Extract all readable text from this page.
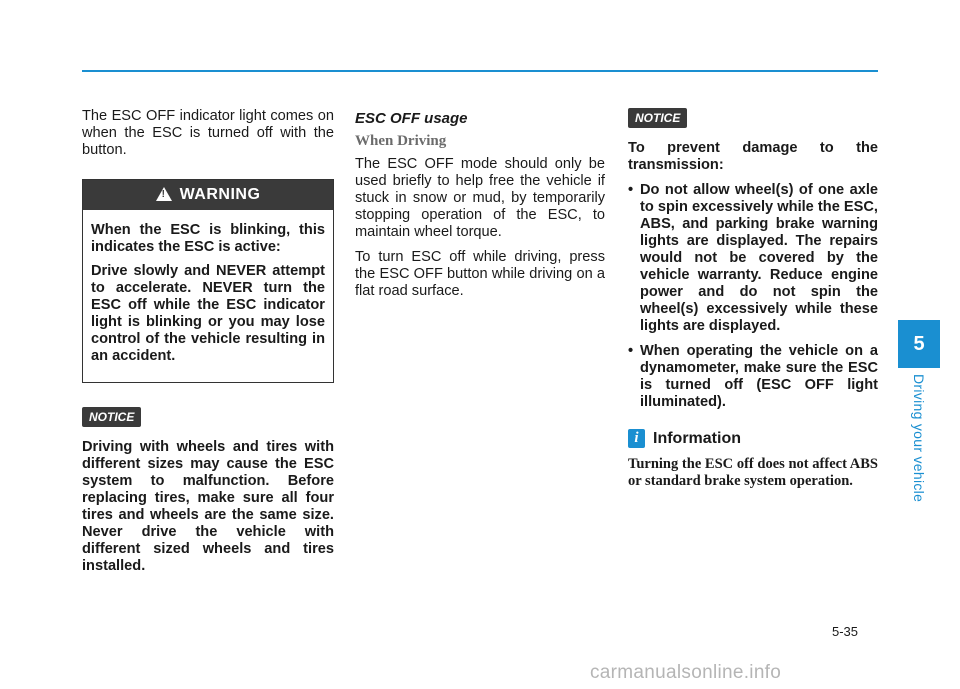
The ESC OFF indicator light comes on when the ESC is turned off with the button.

! WARNING

When the ESC is blinking, this indicates the ESC is active:

Drive slowly and NEVER attempt to accelerate. NEVER turn the ESC off while the ESC indicator light is blinking or you may lose control of the vehicle resulting in an accident.

NOTICE

Driving with wheels and tires with different sizes may cause the ESC system to malfunction. Before replacing tires, make sure all four tires and wheels are the same size. Never drive the vehicle with different sized wheels and tires installed.

ESC OFF usage
When Driving

The ESC OFF mode should only be used briefly to help free the vehicle if stuck in snow or mud, by temporarily stopping operation of the ESC, to maintain wheel torque.

To turn ESC off while driving, press the ESC OFF button while driving on a flat road surface.

NOTICE

To prevent damage to the transmission:

• Do not allow wheel(s) of one axle to spin excessively while the ESC, ABS, and parking brake warning lights are displayed. The repairs would not be covered by the vehicle warranty. Reduce engine power and do not spin the wheel(s) excessively while these lights are displayed.
• When operating the vehicle on a dynamometer, make sure the ESC is turned off (ESC OFF light illuminated).
i Information
Turning the ESC off does not affect ABS or standard brake system operation.
5
Driving your vehicle
5-35
carmanualsonline.info
